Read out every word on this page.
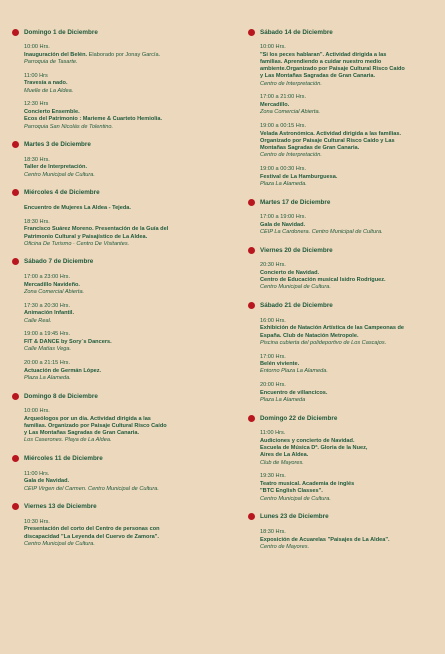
Domingo 1 de Diciembre
10:00 Hrs.
Inauguración del Belén. Elaborado por Jonay García.
Parroquia de Tasarte.
11:00 Hrs
Travesía a nado.
Muelle de La Aldea.
12:30 Hrs
Concierto Ensemble.
Ecos del Patrimonio : Marieme & Cuarteto Hemiolia.
Parroquia San Nicolás de Tolentino.
Martes 3 de Diciembre
18:30 Hrs.
Taller de Interpretación.
Centro Municipal de Cultura.
Miércoles 4 de Diciembre
Encuentro de Mujeres La Aldea - Tejeda.
18:30 Hrs.
Francisco Suárez Moreno. Presentación de la Guía del
Patrimonio Cultural y Paisajístico de La Aldea.
Oficina De Turismo · Centro De Visitantes.
Sábado 7 de Diciembre
17:00 a 23:00 Hrs.
Mercadillo Navideño.
Zona Comercial Abierta.
17:30 a 20:30 Hrs.
Animación Infantil.
Calle Real.
19:00 a 19:45 Hrs.
FIT & DANCE by Sory´s Dancers.
Calle Matías Vega.
20:00 a 21:15 Hrs.
Actuación de Germán López.
Plaza La Alameda.
Domingo 8 de Diciembre
10:00 Hrs.
Arqueólogos por un día. Actividad dirigida a las
familias. Organizado por Paisaje Cultural Risco Caído
y Las Montañas Sagradas de Gran Canaria.
Los Caserones. Playa de La Aldea.
Miércoles 11 de Diciembre
11:00 Hrs.
Gala de Navidad.
CEIP Virgen del Carmen. Centro Municipal de Cultura.
Viernes 13 de Diciembre
10:30 Hrs.
Presentación del corto del Centro de personas con
discapacidad "La Leyenda del Cuervo de Zamora".
Centro Municipal de Cultura.
Sábado 14 de Diciembre
10:00 Hrs.
"Si los peces hablaran". Actividad dirigida a las
familias. Aprendiendo a cuidar nuestro medio
ambiente.Organizado por Paisaje Cultural Risco Caído
y Las Montañas Sagradas de Gran Canaria.
Centro de Interpretación.
17:00 a 21:00 Hrs.
Mercadillo.
Zona Comercial Abierta.
19:00 a 00:15 Hrs.
Velada Astronómica. Actividad dirigida a las familias.
Organizado por Paisaje Cultural Risco Caído y Las
Montañas Sagradas de Gran Canaria.
Centro de Interpretación.
19:00 a 00:30 Hrs.
Festival de La Hamburguesa.
Plaza La Alameda.
Martes 17 de Diciembre
17:00 a 19:00 Hrs.
Gala de Navidad.
CEIP La Cardonera. Centro Municipal de Cultura.
Viernes 20 de Diciembre
20:30 Hrs.
Concierto de Navidad.
Centro de Educación musical Isidro Rodríguez.
Centro Municipal de Cultura.
Sábado 21 de Diciembre
16:00 Hrs.
Exhibición de Natación Artística de las Campeonas de
España. Club de Natación Metropole.
Piscina cubierta del polideportivo de Los Cascajos.
17:00 Hrs.
Belén viviente.
Entorno Plaza La Alameda.
20:00 Hrs.
Encuentro de villancicos.
Plaza La Alameda
Domingo 22 de Diciembre
11:00 Hrs.
Audiciones y concierto de Navidad.
Escuela de Música Dª. Gloria de la Nuez,
Aires de La Aldea.
Club de Mayores.
19:30 Hrs.
Teatro musical. Academia de inglés
"BTC English Classes".
Centro Municipal de Cultura.
Lunes 23 de Diciembre
18:30 Hrs.
Exposición de Acuarelas "Paisajes de La Aldea".
Centro de Mayores.
